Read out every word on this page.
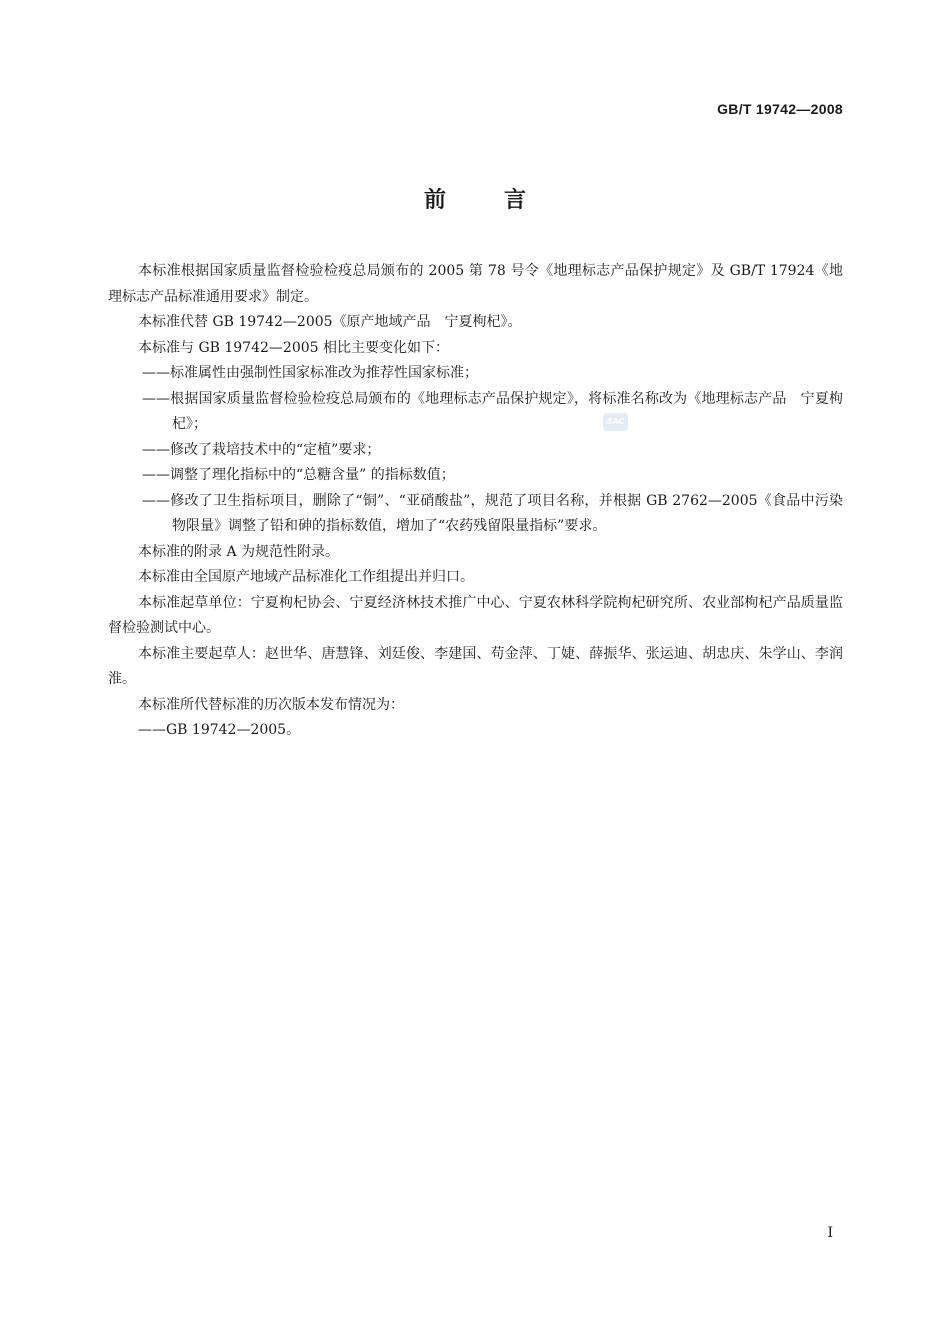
GB/T 19742—2008
前言

本标准根据国家质量监督检验检疫总局颁布的 2005 第 78 号令《地理标志产品保护规定》及 GB/T 17924《地理标志产品标准通用要求》制定。

本标准代替 GB 19742—2005《原产地域产品　宁夏枸杞》。

本标准与 GB 19742—2005 相比主要变化如下：

——标准属性由强制性国家标准改为推荐性国家标准；

——根据国家质量监督检验检疫总局颁布的《地理标志产品保护规定》，将标准名称改为《地理标志产品　宁夏枸杞》；

——修改了栽培技术中的“定植”要求；

——调整了理化指标中的“总糖含量” 的指标数值；

——修改了卫生指标项目，删除了“铜”、“亚硝酸盐”，规范了项目名称，并根据 GB 2762—2005《食品中污染物限量》调整了铅和砷的指标数值，增加了“农药残留限量指标”要求。

本标准的附录 A 为规范性附录。

本标准由全国原产地域产品标准化工作组提出并归口。

本标准起草单位：宁夏枸杞协会、宁夏经济林技术推广中心、宁夏农林科学院枸杞研究所、农业部枸杞产品质量监督检验测试中心。

本标准主要起草人：赵世华、唐慧锋、刘廷俊、李建国、苟金萍、丁婕、薛振华、张运迪、胡忠庆、朱学山、李润淮。

本标准所代替标准的历次版本发布情况为：

——GB 19742—2005。

SAC
I
